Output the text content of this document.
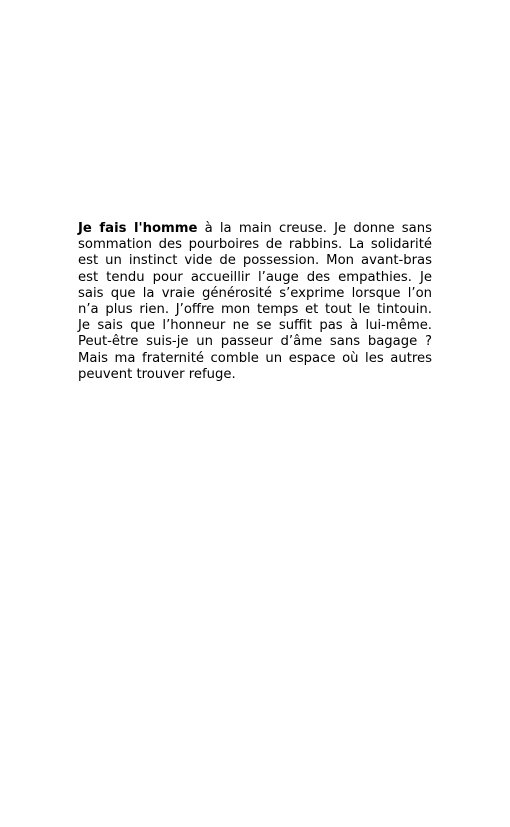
Je fais l'homme à la main creuse. Je donne sans
sommation des pourboires de rabbins. La solidarité
est un instinct vide de possession. Mon avant-bras
est tendu pour accueillir l’auge des empathies. Je
sais que la vraie générosité s’exprime lorsque l’on
n’a plus rien. J’offre mon temps et tout le tintouin.
Je sais que l’honneur ne se suffit pas à lui-même.
Peut-être suis-je un passeur d’âme sans bagage ?
Mais ma fraternité comble un espace où les autres
peuvent trouver refuge.
